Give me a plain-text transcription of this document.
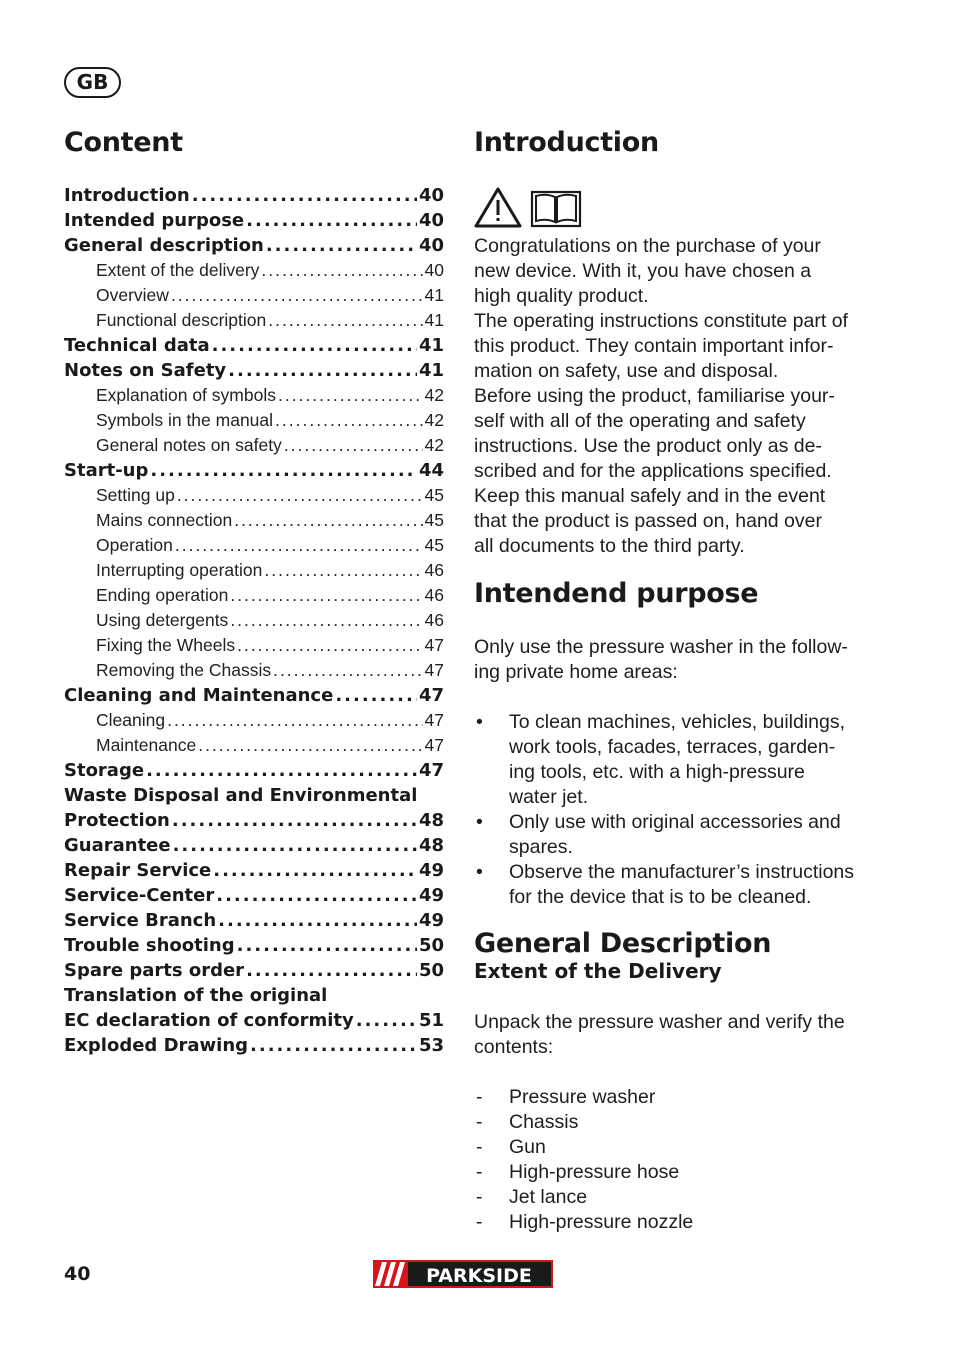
GB
Content
Introduction .....	40
Intended purpose .....	40
General description .....	40
Extent of the delivery .....	40
Overview .....	41
Functional description .....	41
Technical data .....	41
Notes on Safety .....	41
Explanation of symbols .....	42
Symbols in the manual .....	42
General notes on safety .....	42
Start-up .....	44
Setting up .....	45
Mains connection .....	45
Operation .....	45
Interrupting operation .....	46
Ending operation .....	46
Using detergents .....	46
Fixing the Wheels .....	47
Removing the Chassis .....	47
Cleaning and Maintenance .....	47
Cleaning .....	47
Maintenance .....	47
Storage .....	47
Waste Disposal and Environmental
Protection .....	48
Guarantee .....	48
Repair Service .....	49
Service-Center .....	49
Service Branch .....	49
Trouble shooting .....	50
Spare parts order .....	50
Translation of the original
EC declaration of conformity .....	51
Exploded Drawing .....	53
Introduction
Congratulations on the purchase of your
new device. With it, you have chosen a
high quality product.
The operating instructions constitute part of
this product. They contain important infor-
mation on safety, use and disposal.
Before using the product, familiarise your-
self with all of the operating and safety
instructions. Use the product only as de-
scribed and for the applications specified.
Keep this manual safely and in the event
that the product is passed on, hand over
all documents to the third party.
Intendend purpose
Only use the pressure washer in the follow-
ing private home areas:
• To clean machines, vehicles, buildings,
work tools, facades, terraces, garden-
ing tools, etc. with a high-pressure
water jet.
• Only use with original accessories and
spares.
• Observe the manufacturer’s instructions
for the device that is to be cleaned.
General Description
Extent of the Delivery
Unpack the pressure washer and verify the
contents:
- Pressure washer
- Chassis
- Gun
- High-pressure hose
- Jet lance
- High-pressure nozzle
40	PARKSIDE
